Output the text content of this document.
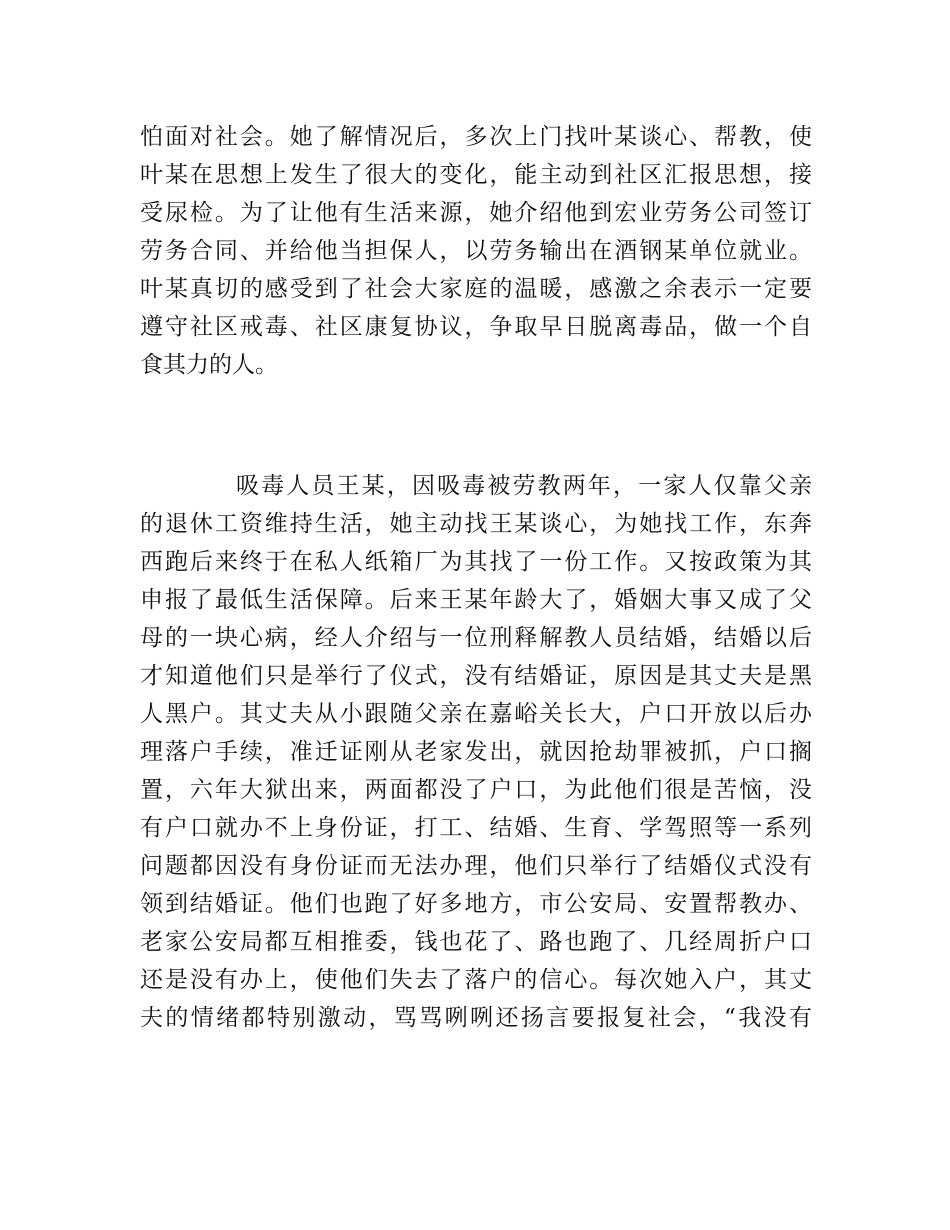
怕面对社会。她了解情况后，多次上门找叶某谈心、帮教，使
叶某在思想上发生了很大的变化，能主动到社区汇报思想，接
受尿检。为了让他有生活来源，她介绍他到宏业劳务公司签订
劳务合同、并给他当担保人，以劳务输出在酒钢某单位就业。
叶某真切的感受到了社会大家庭的温暖，感激之余表示一定要
遵守社区戒毒、社区康复协议，争取早日脱离毒品，做一个自
食其力的人。
吸毒人员王某，因吸毒被劳教两年，一家人仅靠父亲
的退休工资维持生活，她主动找王某谈心，为她找工作，东奔
西跑后来终于在私人纸箱厂为其找了一份工作。又按政策为其
申报了最低生活保障。后来王某年龄大了，婚姻大事又成了父
母的一块心病，经人介绍与一位刑释解教人员结婚，结婚以后
才知道他们只是举行了仪式，没有结婚证，原因是其丈夫是黑
人黑户。其丈夫从小跟随父亲在嘉峪关长大，户口开放以后办
理落户手续，准迁证刚从老家发出，就因抢劫罪被抓，户口搁
置，六年大狱出来，两面都没了户口，为此他们很是苦恼，没
有户口就办不上身份证，打工、结婚、生育、学驾照等一系列
问题都因没有身份证而无法办理，他们只举行了结婚仪式没有
领到结婚证。他们也跑了好多地方，市公安局、安置帮教办、
老家公安局都互相推委，钱也花了、路也跑了、几经周折户口
还是没有办上，使他们失去了落户的信心。每次她入户，其丈
夫的情绪都特别激动，骂骂咧咧还扬言要报复社会，“我没有
